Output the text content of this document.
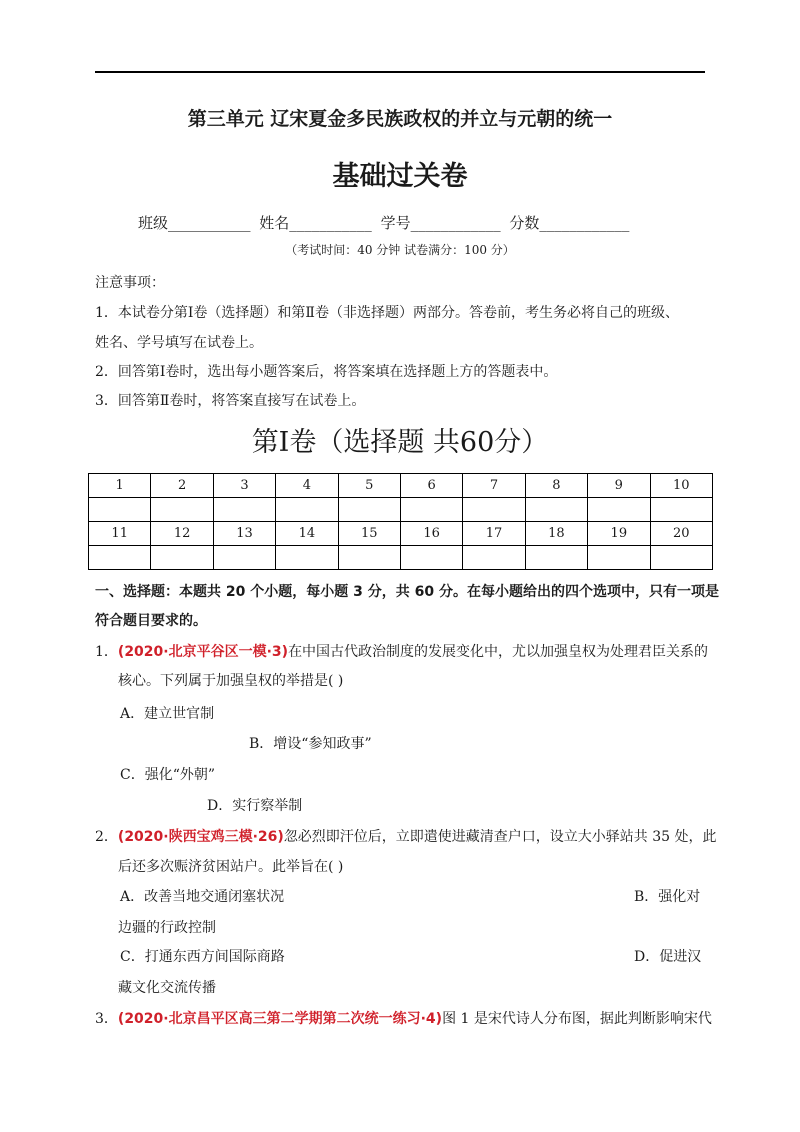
第三单元 辽宋夏金多民族政权的并立与元朝的统一
基础过关卷
班级___________ 姓名___________ 学号____________ 分数____________
（考试时间：40 分钟 试卷满分：100 分）
注意事项：
1．本试卷分第Ⅰ卷（选择题）和第Ⅱ卷（非选择题）两部分。答卷前，考生务必将自己的班级、
姓名、学号填写在试卷上。
2．回答第Ⅰ卷时，选出每小题答案后，将答案填在选择题上方的答题表中。
3．回答第Ⅱ卷时，将答案直接写在试卷上。
第Ⅰ卷（选择题 共60分）
1	2	3	4	5	6	7	8	9	10

11	12	13	14	15	16	17	18	19	20

一、选择题：本题共 20 个小题，每小题 3 分，共 60 分。在每小题给出的四个选项中，只有一项是
符合题目要求的。
1．(2020·北京平谷区一模·3)在中国古代政治制度的发展变化中，尤以加强皇权为处理君臣关系的
核心。下列属于加强皇权的举措是( )
A．建立世官制
B．增设“参知政事”
C．强化“外朝”
D．实行察举制
2．(2020·陕西宝鸡三模·26)忽必烈即汗位后，立即遣使进藏清查户口，设立大小驿站共 35 处，此
后还多次赈济贫困站户。此举旨在( )
A．改善当地交通闭塞状况	B．强化对
边疆的行政控制
C．打通东西方间国际商路	D．促进汉
藏文化交流传播
3．(2020·北京昌平区高三第二学期第二次统一练习·4)图 1 是宋代诗人分布图，据此判断影响宋代
